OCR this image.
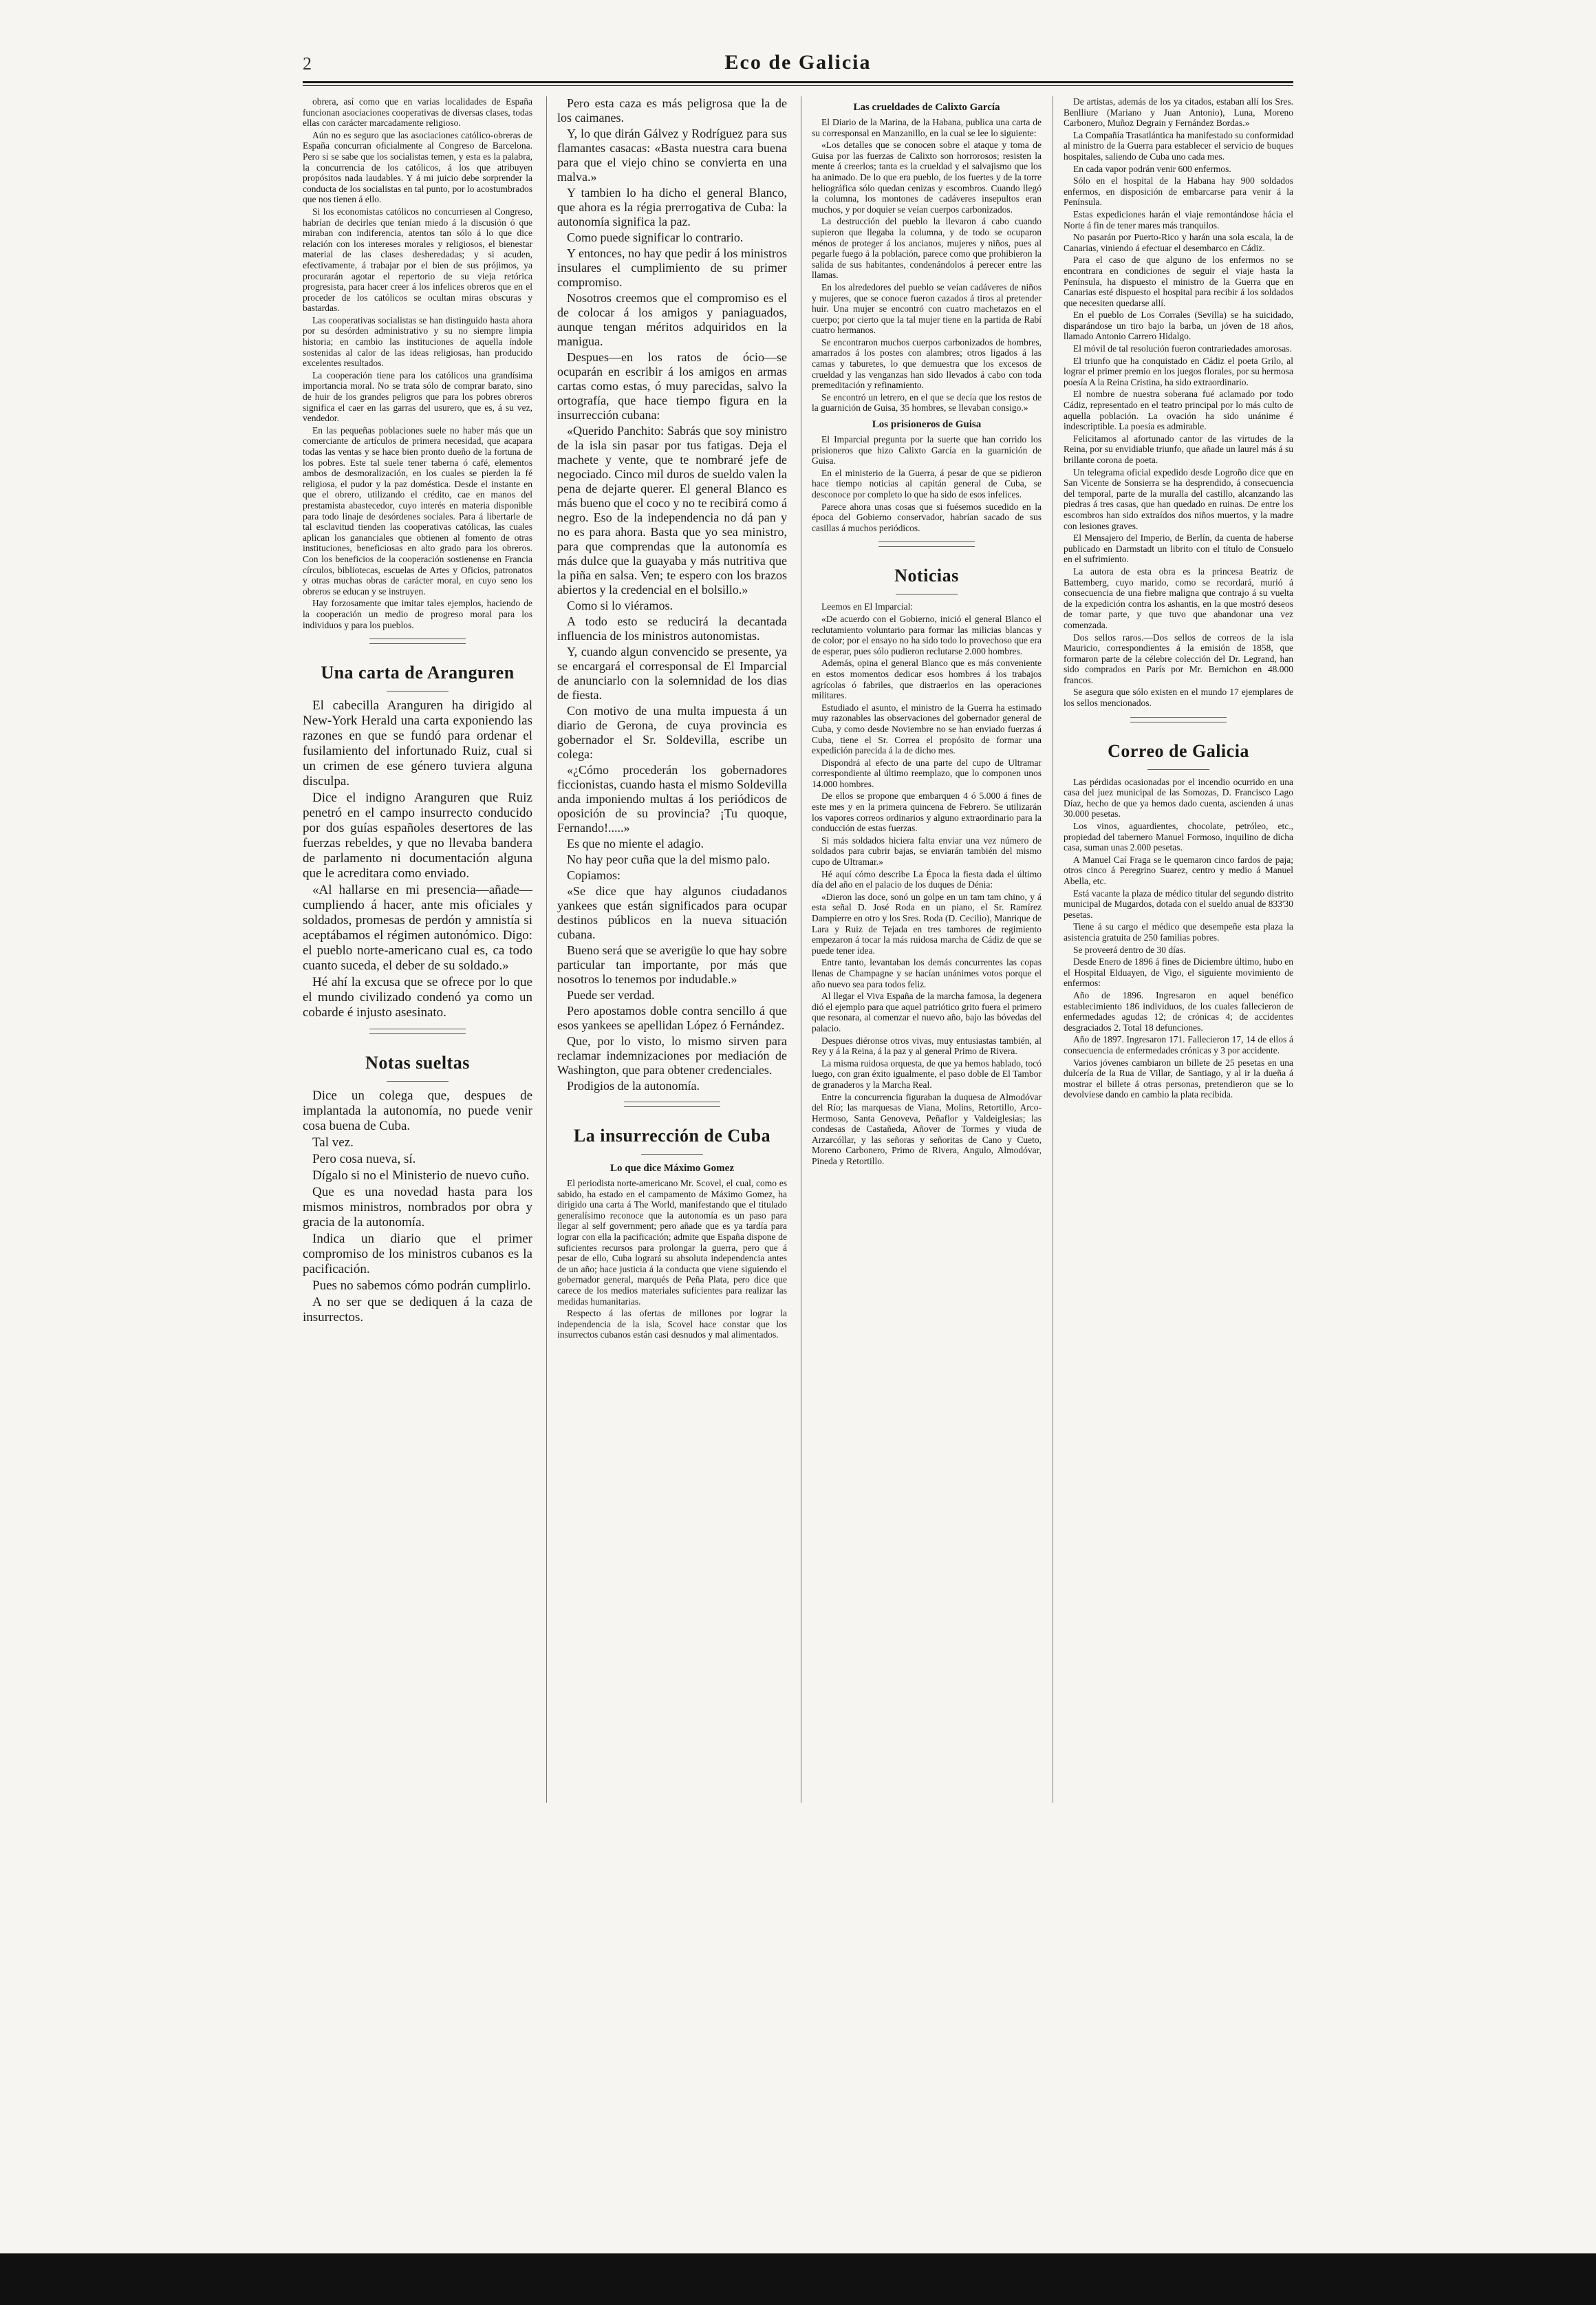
2	Eco de Galicia

obrera, así como que en varias localidades de España funcionan asociaciones cooperativas de diversas clases, todas ellas con carácter marcadamente religioso.

Aún no es seguro que las asociaciones católico-obreras de España concurran oficialmente al Congreso de Barcelona. Pero si se sabe que los socialistas temen, y esta es la palabra, la concurrencia de los católicos, á los que atribuyen propósitos nada laudables. Y á mi juicio debe sorprender la conducta de los socialistas en tal punto, por lo acostumbrados que nos tienen á ello.

Si los economistas católicos no concurriesen al Congreso, habrían de decirles que tenían miedo á la discusión ó que miraban con indiferencia, atentos tan sólo á lo que dice relación con los intereses morales y religiosos, el bienestar material de las clases desheredadas; y si acuden, efectivamente, á trabajar por el bien de sus prójimos, ya procurarán agotar el repertorio de su vieja retórica progresista, para hacer creer á los infelices obreros que en el proceder de los católicos se ocultan miras obscuras y bastardas.

Las cooperativas socialistas se han distinguido hasta ahora por su desórden administrativo y su no siempre limpia historia; en cambio las instituciones de aquella índole sostenidas al calor de las ideas religiosas, han producido excelentes resultados.

La cooperación tiene para los católicos una grandísima importancia moral. No se trata sólo de comprar barato, sino de huir de los grandes peligros que para los pobres obreros significa el caer en las garras del usurero, que es, á su vez, vendedor.

En las pequeñas poblaciones suele no haber más que un comerciante de artículos de primera necesidad, que acapara todas las ventas y se hace bien pronto dueño de la fortuna de los pobres. Este tal suele tener taberna ó café, elementos ambos de desmoralización, en los cuales se pierden la fé religiosa, el pudor y la paz doméstica. Desde el instante en que el obrero, utilizando el crédito, cae en manos del prestamista abastecedor, cuyo interés en materia disponible para todo linaje de desórdenes sociales. Para á libertarle de tal esclavitud tienden las cooperativas católicas, las cuales aplican los gananciales que obtienen al fomento de otras instituciones, beneficiosas en alto grado para los obreros. Con los beneficios de la cooperación sostienense en Francia círculos, bibliotecas, escuelas de Artes y Oficios, patronatos y otras muchas obras de carácter moral, en cuyo seno los obreros se educan y se instruyen.

Hay forzosamente que imitar tales ejemplos, haciendo de la cooperación un medio de progreso moral para los individuos y para los pueblos.

Una carta de Aranguren

El cabecilla Aranguren ha dirigido al New-York Herald una carta exponiendo las razones en que se fundó para ordenar el fusilamiento del infortunado Ruiz, cual si un crimen de ese género tuviera alguna disculpa.

Dice el indigno Aranguren que Ruiz penetró en el campo insurrecto conducido por dos guías españoles desertores de las fuerzas rebeldes, y que no llevaba bandera de parlamento ni documentación alguna que le acreditara como enviado.

«Al hallarse en mi presencia—añade—cumpliendo á hacer, ante mis oficiales y soldados, promesas de perdón y amnistía si aceptábamos el régimen autonómico. Digo: el pueblo norte-americano cual es, ca todo cuanto suceda, el deber de su soldado.»

Hé ahí la excusa que se ofrece por lo que el mundo civilizado condenó ya como un cobarde é injusto asesinato.

Notas sueltas

Dice un colega que, despues de implantada la autonomía, no puede venir cosa buena de Cuba.

Tal vez.

Pero cosa nueva, sí.

Dígalo si no el Ministerio de nuevo cuño.

Que es una novedad hasta para los mismos ministros, nombrados por obra y gracia de la autonomía.

Indica un diario que el primer compromiso de los ministros cubanos es la pacificación.

Pues no sabemos cómo podrán cumplirlo.

A no ser que se dediquen á la caza de insurrectos.

Pero esta caza es más peligrosa que la de los caimanes.

Y, lo que dirán Gálvez y Rodríguez para sus flamantes casacas: «Basta nuestra cara buena para que el viejo chino se convierta en una malva.»

Y tambien lo ha dicho el general Blanco, que ahora es la régia prerrogativa de Cuba: la autonomía significa la paz.

Como puede significar lo contrario.

Y entonces, no hay que pedir á los ministros insulares el cumplimiento de su primer compromiso.

Nosotros creemos que el compromiso es el de colocar á los amigos y paniaguados, aunque tengan méritos adquiridos en la manigua.

Despues—en los ratos de ócio—se ocuparán en escribir á los amigos en armas cartas como estas, ó muy parecidas, salvo la ortografía, que hace tiempo figura en la insurrección cubana:

«Querido Panchito: Sabrás que soy ministro de la isla sin pasar por tus fatigas. Deja el machete y vente, que te nombraré jefe de negociado. Cinco mil duros de sueldo valen la pena de dejarte querer. El general Blanco es más bueno que el coco y no te recibirá como á negro. Eso de la independencia no dá pan y no es para ahora. Basta que yo sea ministro, para que comprendas que la autonomía es más dulce que la guayaba y más nutritiva que la piña en salsa. Ven; te espero con los brazos abiertos y la credencial en el bolsillo.»

Como si lo viéramos.

A todo esto se reducirá la decantada influencia de los ministros autonomistas.

Y, cuando algun convencido se presente, ya se encargará el corresponsal de El Imparcial de anunciarlo con la solemnidad de los dias de fiesta.

Con motivo de una multa impuesta á un diario de Gerona, de cuya provincia es gobernador el Sr. Soldevilla, escribe un colega:

«¿Cómo procederán los gobernadores ficcionistas, cuando hasta el mismo Soldevilla anda imponiendo multas á los periódicos de oposición de su provincia? ¡Tu quoque, Fernando!.....»

Es que no miente el adagio.

No hay peor cuña que la del mismo palo.

Copiamos:

«Se dice que hay algunos ciudadanos yankees que están significados para ocupar destinos públicos en la nueva situación cubana.

Bueno será que se averigüe lo que hay sobre particular tan importante, por más que nosotros lo tenemos por indudable.»

Puede ser verdad.

Pero apostamos doble contra sencillo á que esos yankees se apellidan López ó Fernández.

Que, por lo visto, lo mismo sirven para reclamar indemnizaciones por mediación de Washington, que para obtener credenciales.

Prodigios de la autonomía.

La insurrección de Cuba
Lo que dice Máximo Gomez

El periodista norte-americano Mr. Scovel, el cual, como es sabido, ha estado en el campamento de Máximo Gomez, ha dirigido una carta á The World, manifestando que el titulado generalísimo reconoce que la autonomía es un paso para llegar al self government; pero añade que es ya tardía para lograr con ella la pacificación; admite que España dispone de suficientes recursos para prolongar la guerra, pero que á pesar de ello, Cuba logrará su absoluta independencia antes de un año; hace justicia á la conducta que viene siguiendo el gobernador general, marqués de Peña Plata, pero dice que carece de los medios materiales suficientes para realizar las medidas humanitarias.

Respecto á las ofertas de millones por lograr la independencia de la isla, Scovel hace constar que los insurrectos cubanos están casi desnudos y mal alimentados.

Las crueldades de Calixto García

El Diario de la Marina, de la Habana, publica una carta de su corresponsal en Manzanillo, en la cual se lee lo siguiente:

«Los detalles que se conocen sobre el ataque y toma de Guisa por las fuerzas de Calixto son horrorosos; resisten la mente á creerlos; tanta es la crueldad y el salvajismo que los ha animado. De lo que era pueblo, de los fuertes y de la torre heliográfica sólo quedan cenizas y escombros. Cuando llegó la columna, los montones de cadáveres insepultos eran muchos, y por doquier se veían cuerpos carbonizados.

La destrucción del pueblo la llevaron á cabo cuando supieron que llegaba la columna, y de todo se ocuparon ménos de proteger á los ancianos, mujeres y niños, pues al pegarle fuego á la población, parece como que prohibieron la salida de sus habitantes, condenándolos á perecer entre las llamas.

En los alrededores del pueblo se veían cadáveres de niños y mujeres, que se conoce fueron cazados á tiros al pretender huir. Una mujer se encontró con cuatro machetazos en el cuerpo; por cierto que la tal mujer tiene en la partida de Rabí cuatro hermanos.

Se encontraron muchos cuerpos carbonizados de hombres, amarrados á los postes con alambres; otros ligados á las camas y taburetes, lo que demuestra que los excesos de crueldad y las venganzas han sido llevados á cabo con toda premeditación y refinamiento.

Se encontró un letrero, en el que se decía que los restos de la guarnición de Guisa, 35 hombres, se llevaban consigo.»

Los prisioneros de Guisa

El Imparcial pregunta por la suerte que han corrido los prisioneros que hizo Calixto García en la guarnición de Guisa.

En el ministerio de la Guerra, á pesar de que se pidieron hace tiempo noticias al capitán general de Cuba, se desconoce por completo lo que ha sido de esos infelices.

Parece ahora unas cosas que si fuésemos sucedido en la época del Gobierno conservador, habrían sacado de sus casillas á muchos periódicos.

Noticias

Leemos en El Imparcial:

«De acuerdo con el Gobierno, inició el general Blanco el reclutamiento voluntario para formar las milicias blancas y de color; por el ensayo no ha sido todo lo provechoso que era de esperar, pues sólo pudieron reclutarse 2.000 hombres.

Además, opina el general Blanco que es más conveniente en estos momentos dedicar esos hombres á los trabajos agrícolas ó fabriles, que distraerlos en las operaciones militares.

Estudiado el asunto, el ministro de la Guerra ha estimado muy razonables las observaciones del gobernador general de Cuba, y como desde Noviembre no se han enviado fuerzas á Cuba, tiene el Sr. Correa el propósito de formar una expedición parecida á la de dicho mes.

Dispondrá al efecto de una parte del cupo de Ultramar correspondiente al último reemplazo, que lo componen unos 14.000 hombres.

De ellos se propone que embarquen 4 ó 5.000 á fines de este mes y en la primera quincena de Febrero. Se utilizarán los vapores correos ordinarios y alguno extraordinario para la conducción de estas fuerzas.

Si más soldados hiciera falta enviar una vez número de soldados para cubrir bajas, se enviarán también del mismo cupo de Ultramar.»

Hé aquí cómo describe La Época la fiesta dada el último día del año en el palacio de los duques de Dénia:

«Dieron las doce, sonó un golpe en un tam tam chino, y á esta señal D. José Roda en un piano, el Sr. Ramírez Dampierre en otro y los Sres. Roda (D. Cecilio), Manrique de Lara y Ruiz de Tejada en tres tambores de regimiento empezaron á tocar la más ruidosa marcha de Cádiz de que se puede tener idea.

Entre tanto, levantaban los demás concurrentes las copas llenas de Champagne y se hacían unánimes votos porque el año nuevo sea para todos feliz.

Al llegar el Viva España de la marcha famosa, la degenera dió el ejemplo para que aquel patriótico grito fuera el primero que resonara, al comenzar el nuevo año, bajo las bóvedas del palacio.

Despues diéronse otros vivas, muy entusiastas también, al Rey y á la Reina, á la paz y al general Primo de Rivera.

La misma ruidosa orquesta, de que ya hemos hablado, tocó luego, con gran éxito igualmente, el paso doble de El Tambor de granaderos y la Marcha Real.

Entre la concurrencia figuraban la duquesa de Almodóvar del Río; las marquesas de Viana, Molins, Retortillo, Arco-Hermoso, Santa Genoveva, Peñaflor y Valdeiglesias; las condesas de Castañeda, Añover de Tormes y viuda de Arzarcóllar, y las señoras y señoritas de Cano y Cueto, Moreno Carbonero, Primo de Rivera, Angulo, Almodóvar, Pineda y Retortillo.

De artistas, además de los ya citados, estaban allí los Sres. Benlliure (Mariano y Juan Antonio), Luna, Moreno Carbonero, Muñoz Degrain y Fernández Bordas.»

La Compañía Trasatlántica ha manifestado su conformidad al ministro de la Guerra para establecer el servicio de buques hospitales, saliendo de Cuba uno cada mes.

En cada vapor podrán venir 600 enfermos.

Sólo en el hospital de la Habana hay 900 soldados enfermos, en disposición de embarcarse para venir á la Península.

Estas expediciones harán el viaje remontándose hácia el Norte á fin de tener mares más tranquilos.

No pasarán por Puerto-Rico y harán una sola escala, la de Canarias, viniendo á efectuar el desembarco en Cádiz.

Para el caso de que alguno de los enfermos no se encontrara en condiciones de seguir el viaje hasta la Península, ha dispuesto el ministro de la Guerra que en Canarias esté dispuesto el hospital para recibir á los soldados que necesiten quedarse allí.

En el pueblo de Los Corrales (Sevilla) se ha suicidado, disparándose un tiro bajo la barba, un jóven de 18 años, llamado Antonio Carrero Hidalgo.

El móvil de tal resolución fueron contrariedades amorosas.

El triunfo que ha conquistado en Cádiz el poeta Grilo, al lograr el primer premio en los juegos florales, por su hermosa poesía A la Reina Cristina, ha sido extraordinario.

El nombre de nuestra soberana fué aclamado por todo Cádiz, representado en el teatro principal por lo más culto de aquella población. La ovación ha sido unánime é indescriptible. La poesía es admirable.

Felicitamos al afortunado cantor de las virtudes de la Reina, por su envidiable triunfo, que añade un laurel más á su brillante corona de poeta.

Un telegrama oficial expedido desde Logroño dice que en San Vicente de Sonsierra se ha desprendido, á consecuencia del temporal, parte de la muralla del castillo, alcanzando las piedras á tres casas, que han quedado en ruinas. De entre los escombros han sido extraídos dos niños muertos, y la madre con lesiones graves.

El Mensajero del Imperio, de Berlín, da cuenta de haberse publicado en Darmstadt un librito con el título de Consuelo en el sufrimiento.

La autora de esta obra es la princesa Beatriz de Battemberg, cuyo marido, como se recordará, murió á consecuencia de una fiebre maligna que contrajo á su vuelta de la expedición contra los ashantis, en la que mostró deseos de tomar parte, y que tuvo que abandonar una vez comenzada.

Dos sellos raros.—Dos sellos de correos de la isla Mauricio, correspondientes á la emisión de 1858, que formaron parte de la célebre colección del Dr. Legrand, han sido comprados en París por Mr. Bernichon en 48.000 francos.

Se asegura que sólo existen en el mundo 17 ejemplares de los sellos mencionados.

Correo de Galicia

Las pérdidas ocasionadas por el incendio ocurrido en una casa del juez municipal de las Somozas, D. Francisco Lago Díaz, hecho de que ya hemos dado cuenta, ascienden á unas 30.000 pesetas.

Los vinos, aguardientes, chocolate, petróleo, etc., propiedad del tabernero Manuel Formoso, inquilino de dicha casa, suman unas 2.000 pesetas.

A Manuel Caí Fraga se le quemaron cinco fardos de paja; otros cinco á Peregrino Suarez, centro y medio á Manuel Abella, etc.

Está vacante la plaza de médico titular del segundo distrito municipal de Mugardos, dotada con el sueldo anual de 833'30 pesetas.

Tiene á su cargo el médico que desempeñe esta plaza la asistencia gratuita de 250 familias pobres.

Se proveerá dentro de 30 días.

Desde Enero de 1896 á fines de Diciembre último, hubo en el Hospital Elduayen, de Vigo, el siguiente movimiento de enfermos:

Año de 1896. Ingresaron en aquel benéfico establecimiento 186 individuos, de los cuales fallecieron de enfermedades agudas 12; de crónicas 4; de accidentes desgraciados 2. Total 18 defunciones.

Año de 1897. Ingresaron 171. Fallecieron 17, 14 de ellos á consecuencia de enfermedades crónicas y 3 por accidente.

Varios jóvenes cambiaron un billete de 25 pesetas en una dulcería de la Rua de Villar, de Santiago, y al ir la dueña á mostrar el billete á otras personas, pretendieron que se lo devolviese dando en cambio la plata recibida.
